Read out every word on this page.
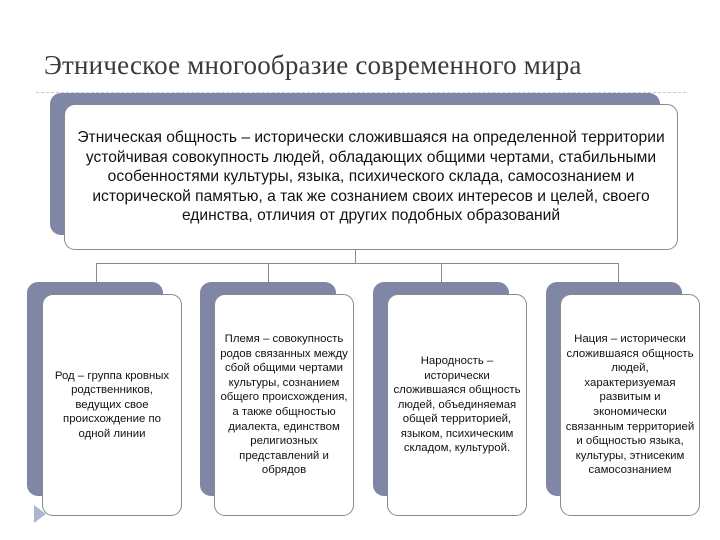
Этническое многообразие современного мира
Этническая общность – исторически сложившаяся на определенной территории устойчивая совокупность людей, обладающих общими чертами, стабильными особенностями культуры, языка, психического склада, самосознанием и исторической памятью, а так же сознанием своих интересов и целей, своего единства, отличия от других подобных образований
Род – группа кровных родственников, ведущих свое происхождение по одной линии
Племя – совокупность родов связанных между сбой общими чертами культуры, сознанием общего происхождения, а также общностью диалекта, единством религиозных представлений и обрядов
Народность – исторически сложившаяся общность людей, объединяемая общей территорией, языком, психическим складом, культурой.
Нация – исторически сложившаяся общность людей, характеризуемая развитым и экономически связанным территорией и общностью языка, культуры, этнисеким самосознанием
